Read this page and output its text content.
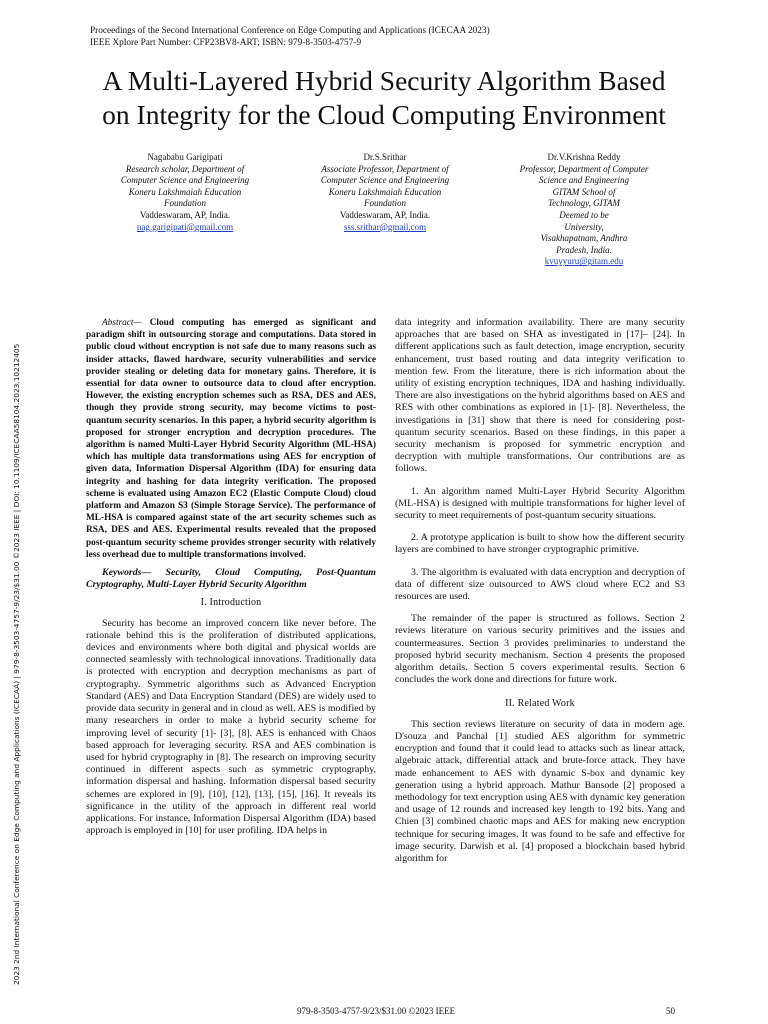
Proceedings of the Second International Conference on Edge Computing and Applications (ICECAA 2023)
IEEE Xplore Part Number: CFP23BV8-ART; ISBN: 979-8-3503-4757-9
A Multi-Layered Hybrid Security Algorithm Based
on Integrity for the Cloud Computing Environment
Nagababu Garigipati
Research scholar, Department of
Computer Science and Engineering
Koneru Lakshmaiah Education
Foundation
Vaddeswaram, AP, India.
nag.garigipati@gmail.com
Dr.S.Srithar
Associate Professor, Department of
Computer Science and Engineering
Koneru Lakshmaiah Education
Foundation
Vaddeswaram, AP, India.
sss.srithar@gmail.com
Dr.V.Krishna Reddy
Professor, Department of Computer
Science and Engineering
GITAM School of
Technology, GITAM
Deemed to be
University,
Visakhapatnam, Andhra
Pradesh, India.
kvuyyuru@gitam.edu
2023 2nd International Conference on Edge Computing and Applications (ICECAA) | 979-8-3503-4757-9/23/$31.00 ©2023 IEEE | DOI: 10.1109/ICECAA58104.2023.10212405

Abstract— Cloud computing has emerged as significant and paradigm shift in outsourcing storage and computations. Data stored in public cloud without encryption is not safe due to many reasons such as insider attacks, flawed hardware, security vulnerabilities and service provider stealing or deleting data for monetary gains. Therefore, it is essential for data owner to outsource data to cloud after encryption. However, the existing encryption schemes such as RSA, DES and AES, though they provide strong security, may become victims to post-quantum security scenarios. In this paper, a hybrid security algorithm is proposed for stronger encryption and decryption procedures. The algorithm is named Multi-Layer Hybrid Security Algorithm (ML-HSA) which has multiple data transformations using AES for encryption of given data, Information Dispersal Algorithm (IDA) for ensuring data integrity and hashing for data integrity verification. The proposed scheme is evaluated using Amazon EC2 (Elastic Compute Cloud) cloud platform and Amazon S3 (Simple Storage Service). The performance of ML-HSA is compared against state of the art security schemes such as RSA, DES and AES. Experimental results revealed that the proposed post-quantum security scheme provides stronger security with relatively less overhead due to multiple transformations involved.

Keywords— Security, Cloud Computing, Post-Quantum Cryptography, Multi-Layer Hybrid Security Algorithm

I. Introduction

Security has become an improved concern like never before. The rationale behind this is the proliferation of distributed applications, devices and environments where both digital and physical worlds are connected seamlessly with technological innovations. Traditionally data is protected with encryption and decryption mechanisms as part of cryptography. Symmetric algorithms such as Advanced Encryption Standard (AES) and Data Encryption Standard (DES) are widely used to provide data security in general and in cloud as well. AES is modified by many researchers in order to make a hybrid security scheme for improving level of security [1]- [3], [8]. AES is enhanced with Chaos based approach for leveraging security. RSA and AES combination is used for hybrid cryptography in [8]. The research on improving security continued in different aspects such as symmetric cryptography, information dispersal and hashing. Information dispersal based security schemes are explored in [9], [10], [12], [13], [15], [16]. It reveals its significance in the utility of the approach in different real world applications. For instance, Information Dispersal Algorithm (IDA) based approach is employed in [10] for user profiling. IDA helps in

data integrity and information availability. There are many security approaches that are based on SHA as investigated in [17]– [24]. In different applications such as fault detection, image encryption, security enhancement, trust based routing and data integrity verification to mention few. From the literature, there is rich information about the utility of existing encryption techniques, IDA and hashing individually. There are also investigations on the hybrid algorithms based on AES and RES with other combinations as explored in [1]- [8]. Nevertheless, the investigations in [31] show that there is need for considering post-quantum security scenarios. Based on these findings, in this paper a security mechanism is proposed for symmetric encryption and decryption with multiple transformations. Our contributions are as follows.

1. An algorithm named Multi-Layer Hybrid Security Algorithm (ML-HSA) is designed with multiple transformations for higher level of security to meet requirements of post-quantum security situations.

2. A prototype application is built to show how the different security layers are combined to have stronger cryptographic primitive.

3. The algorithm is evaluated with data encryption and decryption of data of different size outsourced to AWS cloud where EC2 and S3 resources are used.

The remainder of the paper is structured as follows. Section 2 reviews literature on various security primitives and the issues and countermeasures. Section 3 provides preliminaries to understand the proposed hybrid security mechanism. Section 4 presents the proposed algorithm details. Section 5 covers experimental results. Section 6 concludes the work done and directions for future work.

II. Related Work

This section reviews literature on security of data in modern age. D'souza and Panchal [1] studied AES algorithm for symmetric encryption and found that it could lead to attacks such as linear attack, algebraic attack, differential attack and brute-force attack. They have made enhancement to AES with dynamic S-box and dynamic key generation using a hybrid approach. Mathur Bansode [2] proposed a methodology for text encryption using AES with dynamic key generation and usage of 12 rounds and increased key length to 192 bits. Yang and Chien [3] combined chaotic maps and AES for making new encryption technique for securing images. It was found to be safe and effective for image security. Darwish et al. [4] proposed a blockchain based hybrid algorithm for

979-8-3503-4757-9/23/$31.00 ©2023 IEEE	50
